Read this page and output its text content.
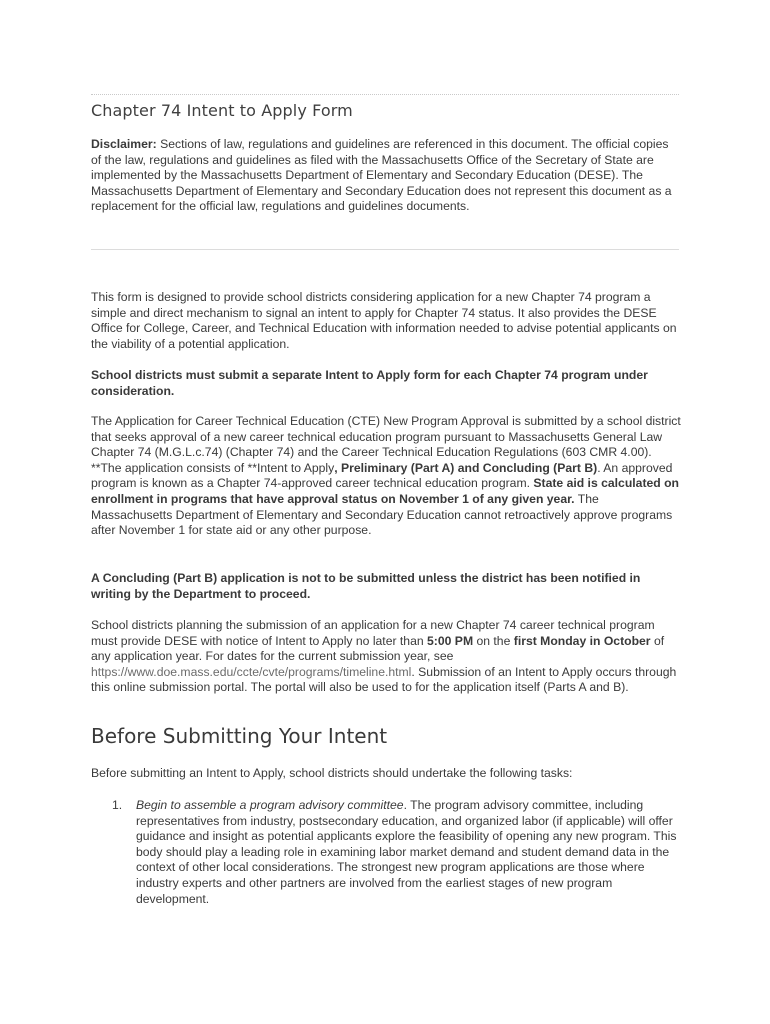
Chapter 74 Intent to Apply Form

Disclaimer: Sections of law, regulations and guidelines are referenced in this document. The official copies of the law, regulations and guidelines as filed with the Massachusetts Office of the Secretary of State are implemented by the Massachusetts Department of Elementary and Secondary Education (DESE). The Massachusetts Department of Elementary and Secondary Education does not represent this document as a replacement for the official law, regulations and guidelines documents.

This form is designed to provide school districts considering application for a new Chapter 74 program a simple and direct mechanism to signal an intent to apply for Chapter 74 status. It also provides the DESE Office for College, Career, and Technical Education with information needed to advise potential applicants on the viability of a potential application.

School districts must submit a separate Intent to Apply form for each Chapter 74 program under consideration.

The Application for Career Technical Education (CTE) New Program Approval is submitted by a school district that seeks approval of a new career technical education program pursuant to Massachusetts General Law Chapter 74 (M.G.L.c.74) (Chapter 74) and the Career Technical Education Regulations (603 CMR 4.00). **The application consists of **Intent to Apply, Preliminary (Part A) and Concluding (Part B). An approved program is known as a Chapter 74-approved career technical education program. State aid is calculated on enrollment in programs that have approval status on November 1 of any given year. The Massachusetts Department of Elementary and Secondary Education cannot retroactively approve programs after November 1 for state aid or any other purpose.

A Concluding (Part B) application is not to be submitted unless the district has been notified in writing by the Department to proceed.

School districts planning the submission of an application for a new Chapter 74 career technical program must provide DESE with notice of Intent to Apply no later than 5:00 PM on the first Monday in October of any application year. For dates for the current submission year, see https://www.doe.mass.edu/ccte/cvte/programs/timeline.html. Submission of an Intent to Apply occurs through this online submission portal. The portal will also be used to for the application itself (Parts A and B).

Before Submitting Your Intent

Before submitting an Intent to Apply, school districts should undertake the following tasks:

1. Begin to assemble a program advisory committee. The program advisory committee, including representatives from industry, postsecondary education, and organized labor (if applicable) will offer guidance and insight as potential applicants explore the feasibility of opening any new program. This body should play a leading role in examining labor market demand and student demand data in the context of other local considerations. The strongest new program applications are those where industry experts and other partners are involved from the earliest stages of new program development.
